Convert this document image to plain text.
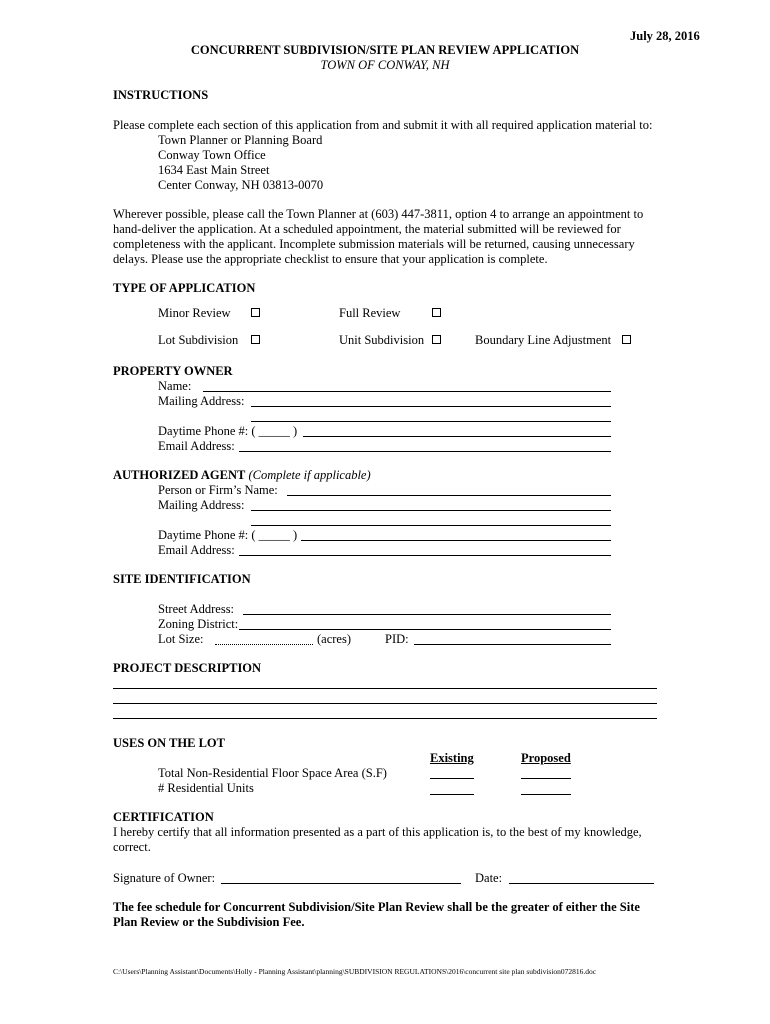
July 28, 2016
CONCURRENT SUBDIVISION/SITE PLAN REVIEW APPLICATION
TOWN OF CONWAY, NH
INSTRUCTIONS
Please complete each section of this application from and submit it with all required application material to:
Town Planner or Planning Board
Conway Town Office
1634 East Main Street
Center Conway, NH 03813-0070
Wherever possible, please call the Town Planner at (603) 447-3811, option 4 to arrange an appointment to hand-deliver the application. At a scheduled appointment, the material submitted will be reviewed for completeness with the applicant. Incomplete submission materials will be returned, causing unnecessary delays. Please use the appropriate checklist to ensure that your application is complete.
TYPE OF APPLICATION
Minor Review	Full Review
Lot Subdivision	Unit Subdivision	Boundary Line Adjustment
PROPERTY OWNER
Name:
Mailing Address:
Daytime Phone #: ( _____ )
Email Address:
AUTHORIZED AGENT (Complete if applicable)
Person or Firm’s Name:
Mailing Address:
Daytime Phone #: ( _____ )
Email Address:
SITE IDENTIFICATION
Street Address:
Zoning District:
Lot Size:	(acres)	PID:
PROJECT DESCRIPTION
USES ON THE LOT
Existing	Proposed
Total Non-Residential Floor Space Area (S.F)
# Residential Units
CERTIFICATION
I hereby certify that all information presented as a part of this application is, to the best of my knowledge, correct.
Signature of Owner:	Date:
The fee schedule for Concurrent Subdivision/Site Plan Review shall be the greater of either the Site Plan Review or the Subdivision Fee.
C:\Users\Planning Assistant\Documents\Holly - Planning Assistant\planning\SUBDIVISION REGULATIONS\2016\concurrent site plan subdivision072816.doc
